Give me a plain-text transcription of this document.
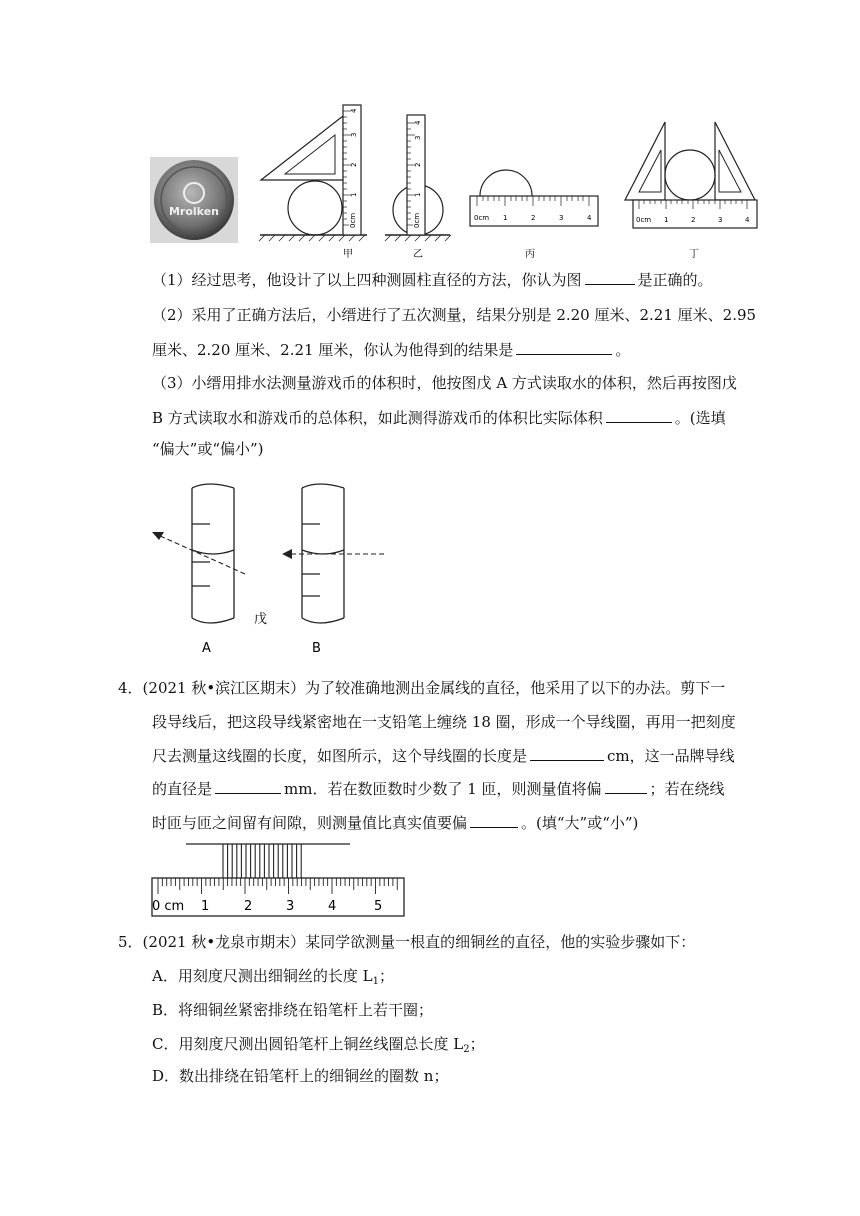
Mrolken
0cm
1
2
3
4
甲
0cm
1
2
3
4
乙
0cm 1	2	3	4
丙
0cm 1	2	3	4
丁
（1）经过思考，他设计了以上四种测圆柱直径的方法，你认为图	是正确的。
（2）采用了正确方法后，小缙进行了五次测量，结果分别是 2.20 厘米、2.21 厘米、2.95
厘米、2.20 厘米、2.21 厘米，你认为他得到的结果是	。
（3）小缙用排水法测量游戏币的体积时，他按图戊 A 方式读取水的体积，然后再按图戊
B 方式读取水和游戏币的总体积，如此测得游戏币的体积比实际体积	。(选填
“偏大”或“偏小”)
A	B
戊
4．(2021 秋•滨江区期末）为了较准确地测出金属线的直径，他采用了以下的办法。剪下一
段导线后，把这段导线紧密地在一支铅笔上缠绕 18 圈，形成一个导线圈，再用一把刻度
尺去测量这线圈的长度，如图所示，这个导线圈的长度是	cm，这一品牌导线
的直径是	mm．若在数匝数时少数了 1 匝，则测量值将偏	；若在绕线
时匝与匝之间留有间隙，则测量值比真实值要偏	。(填“大”或“小”)
0 cm 1	2	3	4	5
5．(2021 秋•龙泉市期末）某同学欲测量一根直的细铜丝的直径，他的实验步骤如下：
A．用刻度尺测出细铜丝的长度 $L_1$；
B．将细铜丝紧密排绕在铅笔杆上若干圈；
C．用刻度尺测出圆铅笔杆上铜丝线圈总长度 $L_2$；
D．数出排绕在铅笔杆上的细铜丝的圈数 n；
